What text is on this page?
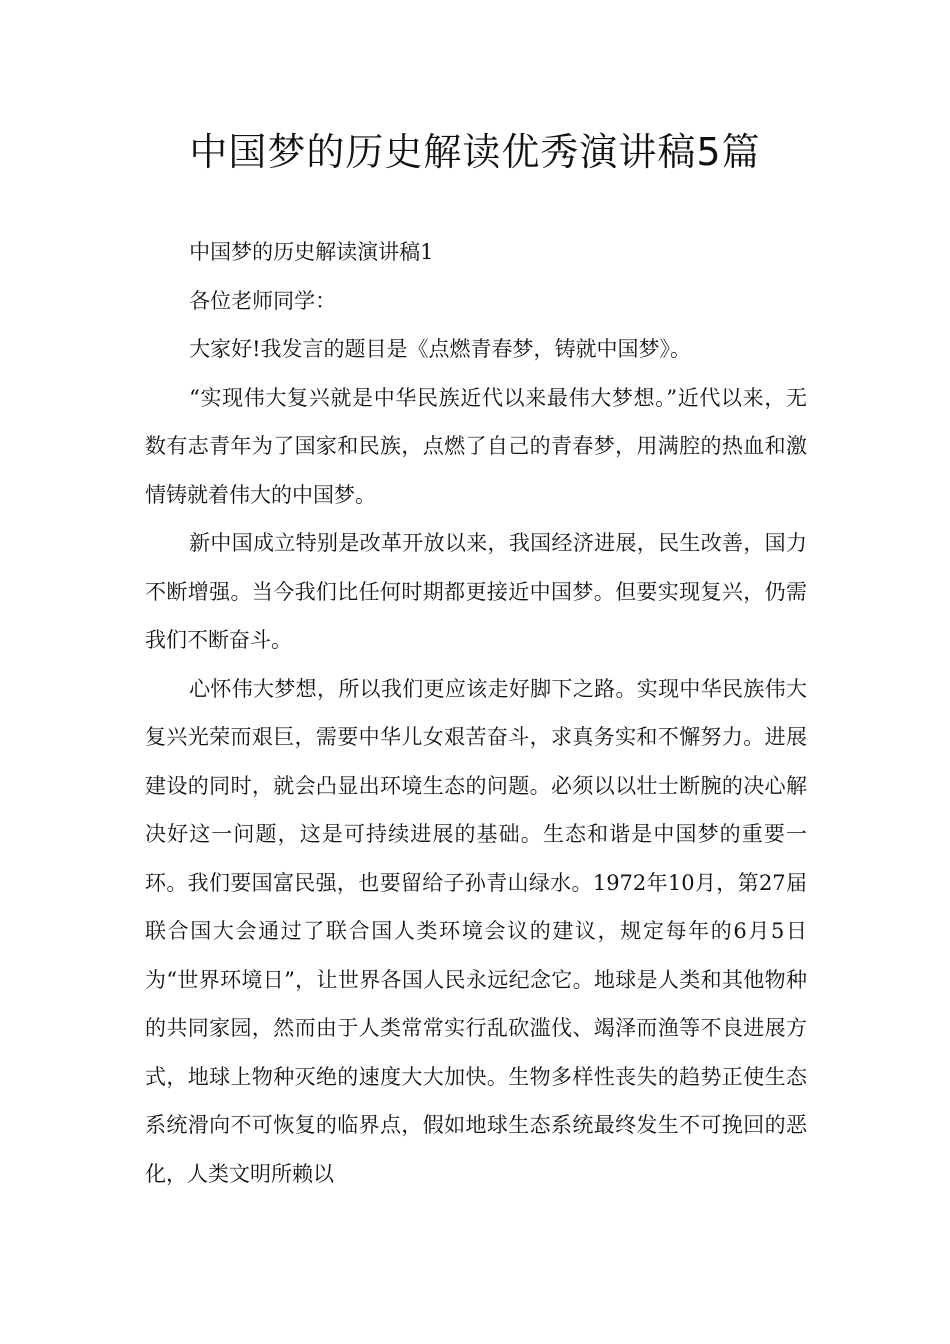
中国梦的历史解读优秀演讲稿5篇

中国梦的历史解读演讲稿1

各位老师同学：

大家好!我发言的题目是《点燃青春梦，铸就中国梦》。

“实现伟大复兴就是中华民族近代以来最伟大梦想。”近代以来，无数有志青年为了国家和民族，点燃了自己的青春梦，用满腔的热血和激情铸就着伟大的中国梦。

新中国成立特别是改革开放以来，我国经济进展，民生改善，国力不断增强。当今我们比任何时期都更接近中国梦。但要实现复兴，仍需我们不断奋斗。

心怀伟大梦想，所以我们更应该走好脚下之路。实现中华民族伟大复兴光荣而艰巨，需要中华儿女艰苦奋斗，求真务实和不懈努力。进展建设的同时，就会凸显出环境生态的问题。必须以以壮士断腕的决心解决好这一问题，这是可持续进展的基础。生态和谐是中国梦的重要一环。我们要国富民强，也要留给子孙青山绿水。1972年10月，第27届联合国大会通过了联合国人类环境会议的建议，规定每年的6月5日为“世界环境日”，让世界各国人民永远纪念它。地球是人类和其他物种的共同家园，然而由于人类常常实行乱砍滥伐、竭泽而渔等不良进展方式，地球上物种灭绝的速度大大加快。生物多样性丧失的趋势正使生态系统滑向不可恢复的临界点，假如地球生态系统最终发生不可挽回的恶化，人类文明所赖以
